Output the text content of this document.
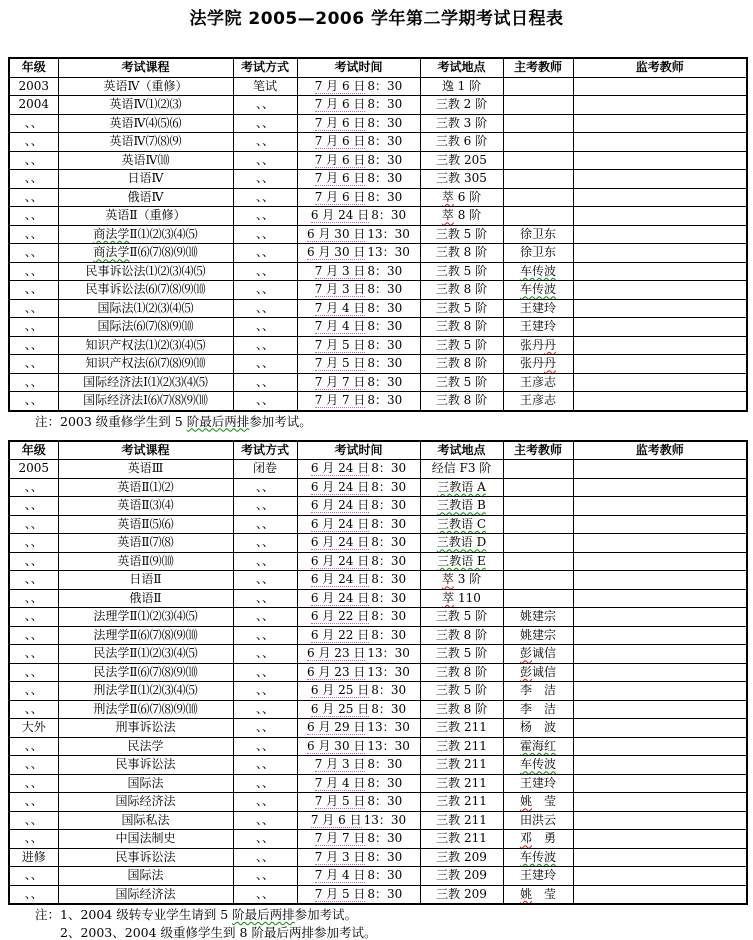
法学院 2005—2006 学年第二学期考试日程表
年级	考试课程	考试方式	考试时间	考试地点	主考教师	监考教师
2003	英语Ⅳ（重修）	笔试	7 月 6 日 8：30	逸 1 阶		
2004	英语Ⅳ⑴⑵⑶	、、	7 月 6 日 8：30	三教 2 阶		
、、	英语Ⅳ⑷⑸⑹	、、	7 月 6 日 8：30	三教 3 阶		
、、	英语Ⅳ⑺⑻⑼	、、	7 月 6 日 8：30	三教 6 阶		
、、	英语Ⅳ⑽	、、	7 月 6 日 8：30	三教 205		
、、	日语Ⅳ	、、	7 月 6 日 8：30	三教 305		
、、	俄语Ⅳ	、、	7 月 6 日 8：30	萃 6 阶		
、、	英语Ⅱ（重修）	、、	6 月 24 日 8：30	萃 8 阶		
、、	商法学Ⅱ⑴⑵⑶⑷⑸	、、	6 月 30 日 13：30	三教 5 阶	徐卫东	
、、	商法学Ⅱ⑹⑺⑻⑼⑽	、、	6 月 30 日 13：30	三教 8 阶	徐卫东	
、、	民事诉讼法⑴⑵⑶⑷⑸	、、	7 月 3 日 8：30	三教 5 阶	车传波	
、、	民事诉讼法⑹⑺⑻⑼⑽	、、	7 月 3 日 8：30	三教 8 阶	车传波	
、、	国际法⑴⑵⑶⑷⑸	、、	7 月 4 日 8：30	三教 5 阶	王建玲	
、、	国际法⑹⑺⑻⑼⑽	、、	7 月 4 日 8：30	三教 8 阶	王建玲	
、、	知识产权法⑴⑵⑶⑷⑸	、、	7 月 5 日 8：30	三教 5 阶	张丹丹	
、、	知识产权法⑹⑺⑻⑼⑽	、、	7 月 5 日 8：30	三教 8 阶	张丹丹	
、、	国际经济法Ⅰ⑴⑵⑶⑷⑸	、、	7 月 7 日 8：30	三教 5 阶	王彦志	
、、	国际经济法Ⅰ⑹⑺⑻⑼⑽	、、	7 月 7 日 8：30	三教 8 阶	王彦志	

注：2003 级重修学生到 5 阶最后两排参加考试。

年级	考试课程	考试方式	考试时间	考试地点	主考教师	监考教师
2005	英语Ⅲ	闭卷	6 月 24 日 8：30	经信 F3 阶		
、、	英语Ⅱ⑴⑵	、、	6 月 24 日 8：30	三教语 A		
、、	英语Ⅱ⑶⑷	、、	6 月 24 日 8：30	三教语 B		
、、	英语Ⅱ⑸⑹	、、	6 月 24 日 8：30	三教语 C		
、、	英语Ⅱ⑺⑻	、、	6 月 24 日 8：30	三教语 D		
、、	英语Ⅱ⑼⑽	、、	6 月 24 日 8：30	三教语 E		
、、	日语Ⅱ	、、	6 月 24 日 8：30	萃 3 阶		
、、	俄语Ⅱ	、、	6 月 24 日 8：30	萃 110		
、、	法理学Ⅱ⑴⑵⑶⑷⑸	、、	6 月 22 日 8：30	三教 5 阶	姚建宗	
、、	法理学Ⅱ⑹⑺⑻⑼⑽	、、	6 月 22 日 8：30	三教 8 阶	姚建宗	
、、	民法学Ⅱ⑴⑵⑶⑷⑸	、、	6 月 23 日 13：30	三教 5 阶	彭诚信	
、、	民法学Ⅱ⑹⑺⑻⑼⑽	、、	6 月 23 日 13：30	三教 8 阶	彭诚信	
、、	刑法学Ⅱ⑴⑵⑶⑷⑸	、、	6 月 25 日 8：30	三教 5 阶	李　洁	
、、	刑法学Ⅱ⑹⑺⑻⑼⑽	、、	6 月 25 日 8：30	三教 8 阶	李　洁	
大外	刑事诉讼法	、、	6 月 29 日 13：30	三教 211	杨　波	
、、	民法学	、、	6 月 30 日 13：30	三教 211	霍海红	
、、	民事诉讼法	、、	7 月 3 日 8：30	三教 211	车传波	
、、	国际法	、、	7 月 4 日 8：30	三教 211	王建玲	
、、	国际经济法	、、	7 月 5 日 8：30	三教 211	姚　莹	
、、	国际私法	、、	7 月 6 日 13：30	三教 211	田洪云	
、、	中国法制史	、、	7 月 7 日 8：30	三教 211	邓　勇	
进修	民事诉讼法	、、	7 月 3 日 8：30	三教 209	车传波	
、、	国际法	、、	7 月 4 日 8：30	三教 209	王建玲	
、、	国际经济法	、、	7 月 5 日 8：30	三教 209	姚　莹	

注：1、2004 级转专业学生请到 5 阶最后两排参加考试。

2、2003、2004 级重修学生到 8 阶最后两排参加考试。
